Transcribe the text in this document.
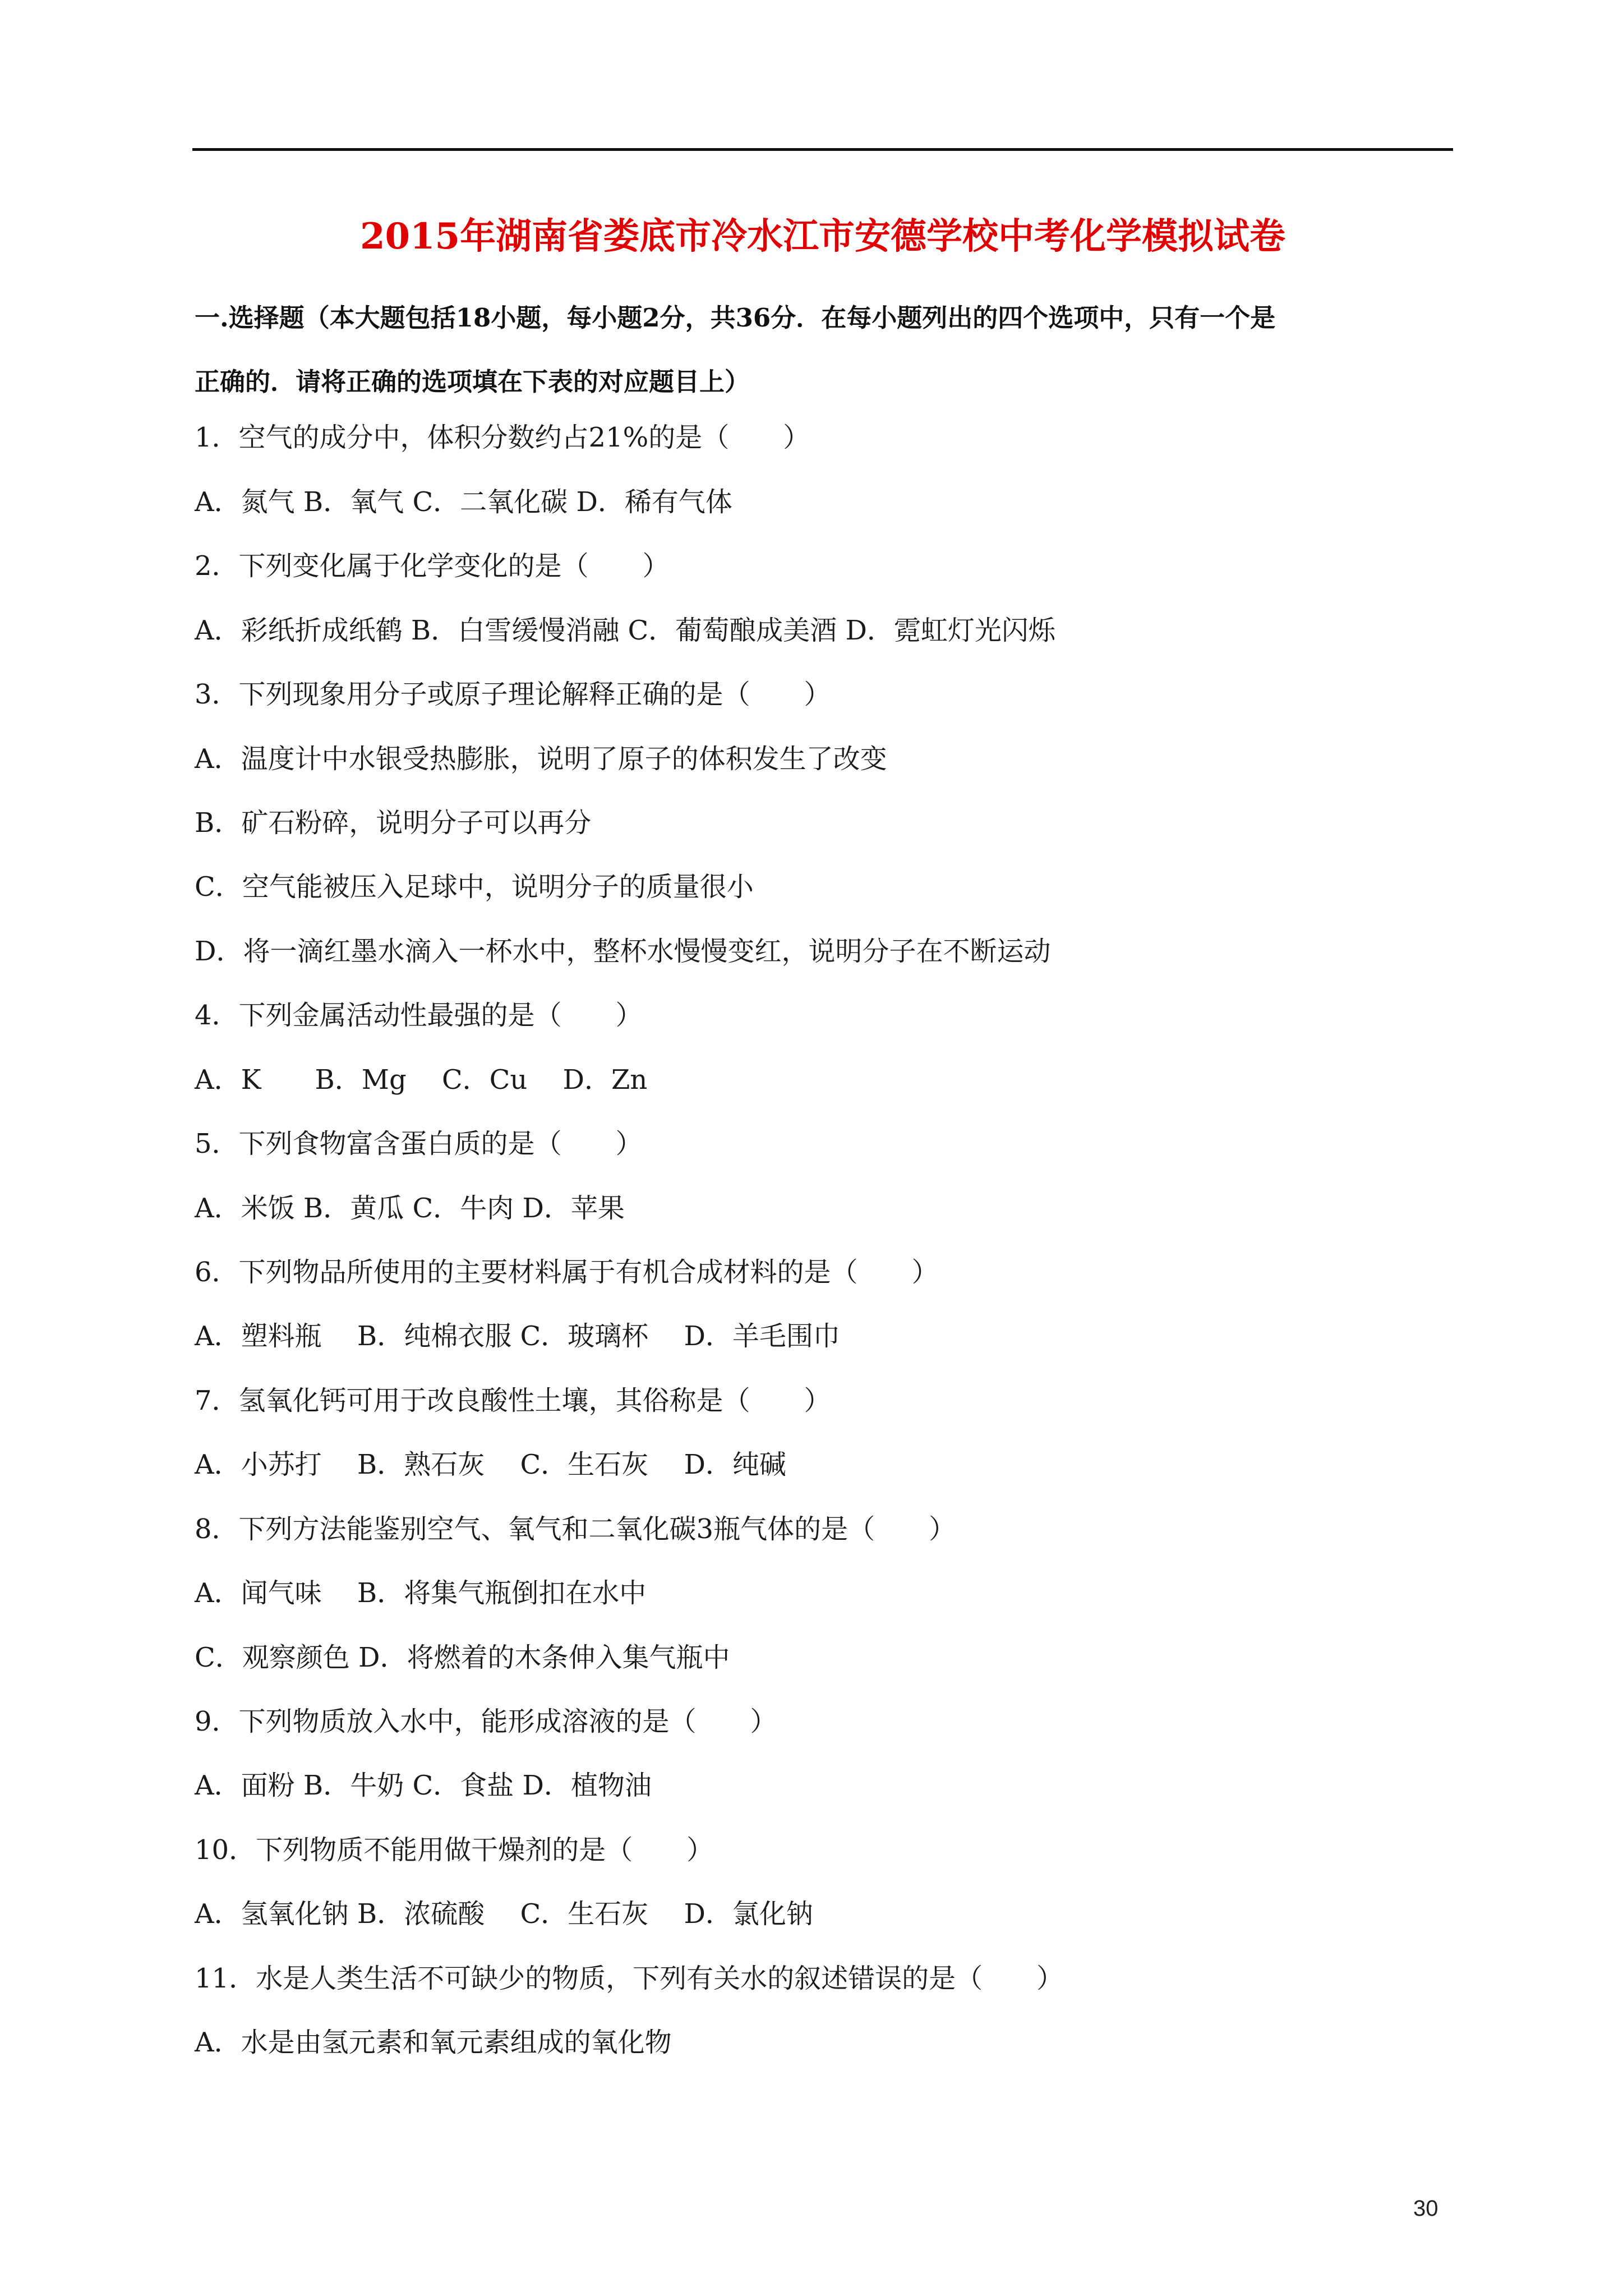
2015年湖南省娄底市冷水江市安德学校中考化学模拟试卷
一.选择题（本大题包括18小题，每小题2分，共36分．在每小题列出的四个选项中，只有一个是
正确的．请将正确的选项填在下表的对应题目上）
1．空气的成分中，体积分数约占21%的是（　　）
A．氮气 B．氧气 C．二氧化碳 D．稀有气体
2．下列变化属于化学变化的是（　　）
A．彩纸折成纸鹤 B．白雪缓慢消融 C．葡萄酿成美酒 D．霓虹灯光闪烁
3．下列现象用分子或原子理论解释正确的是（　　）
A．温度计中水银受热膨胀，说明了原子的体积发生了改变
B．矿石粉碎，说明分子可以再分
C．空气能被压入足球中，说明分子的质量很小
D．将一滴红墨水滴入一杯水中，整杯水慢慢变红，说明分子在不断运动
4．下列金属活动性最强的是（　　）
A．K　　B．Mg　 C．Cu　 D．Zn
5．下列食物富含蛋白质的是（　　）
A．米饭 B．黄瓜 C．牛肉 D．苹果
6．下列物品所使用的主要材料属于有机合成材料的是（　　）
A．塑料瓶　 B．纯棉衣服 C．玻璃杯　 D．羊毛围巾
7．氢氧化钙可用于改良酸性土壤，其俗称是（　　）
A．小苏打　 B．熟石灰　 C．生石灰　 D．纯碱
8．下列方法能鉴别空气、氧气和二氧化碳3瓶气体的是（　　）
A．闻气味　 B．将集气瓶倒扣在水中
C．观察颜色 D．将燃着的木条伸入集气瓶中
9．下列物质放入水中，能形成溶液的是（　　）
A．面粉 B．牛奶 C．食盐 D．植物油
10．下列物质不能用做干燥剂的是（　　）
A．氢氧化钠 B．浓硫酸　 C．生石灰　 D．氯化钠
11．水是人类生活不可缺少的物质，下列有关水的叙述错误的是（　　）
A．水是由氢元素和氧元素组成的氧化物
30
